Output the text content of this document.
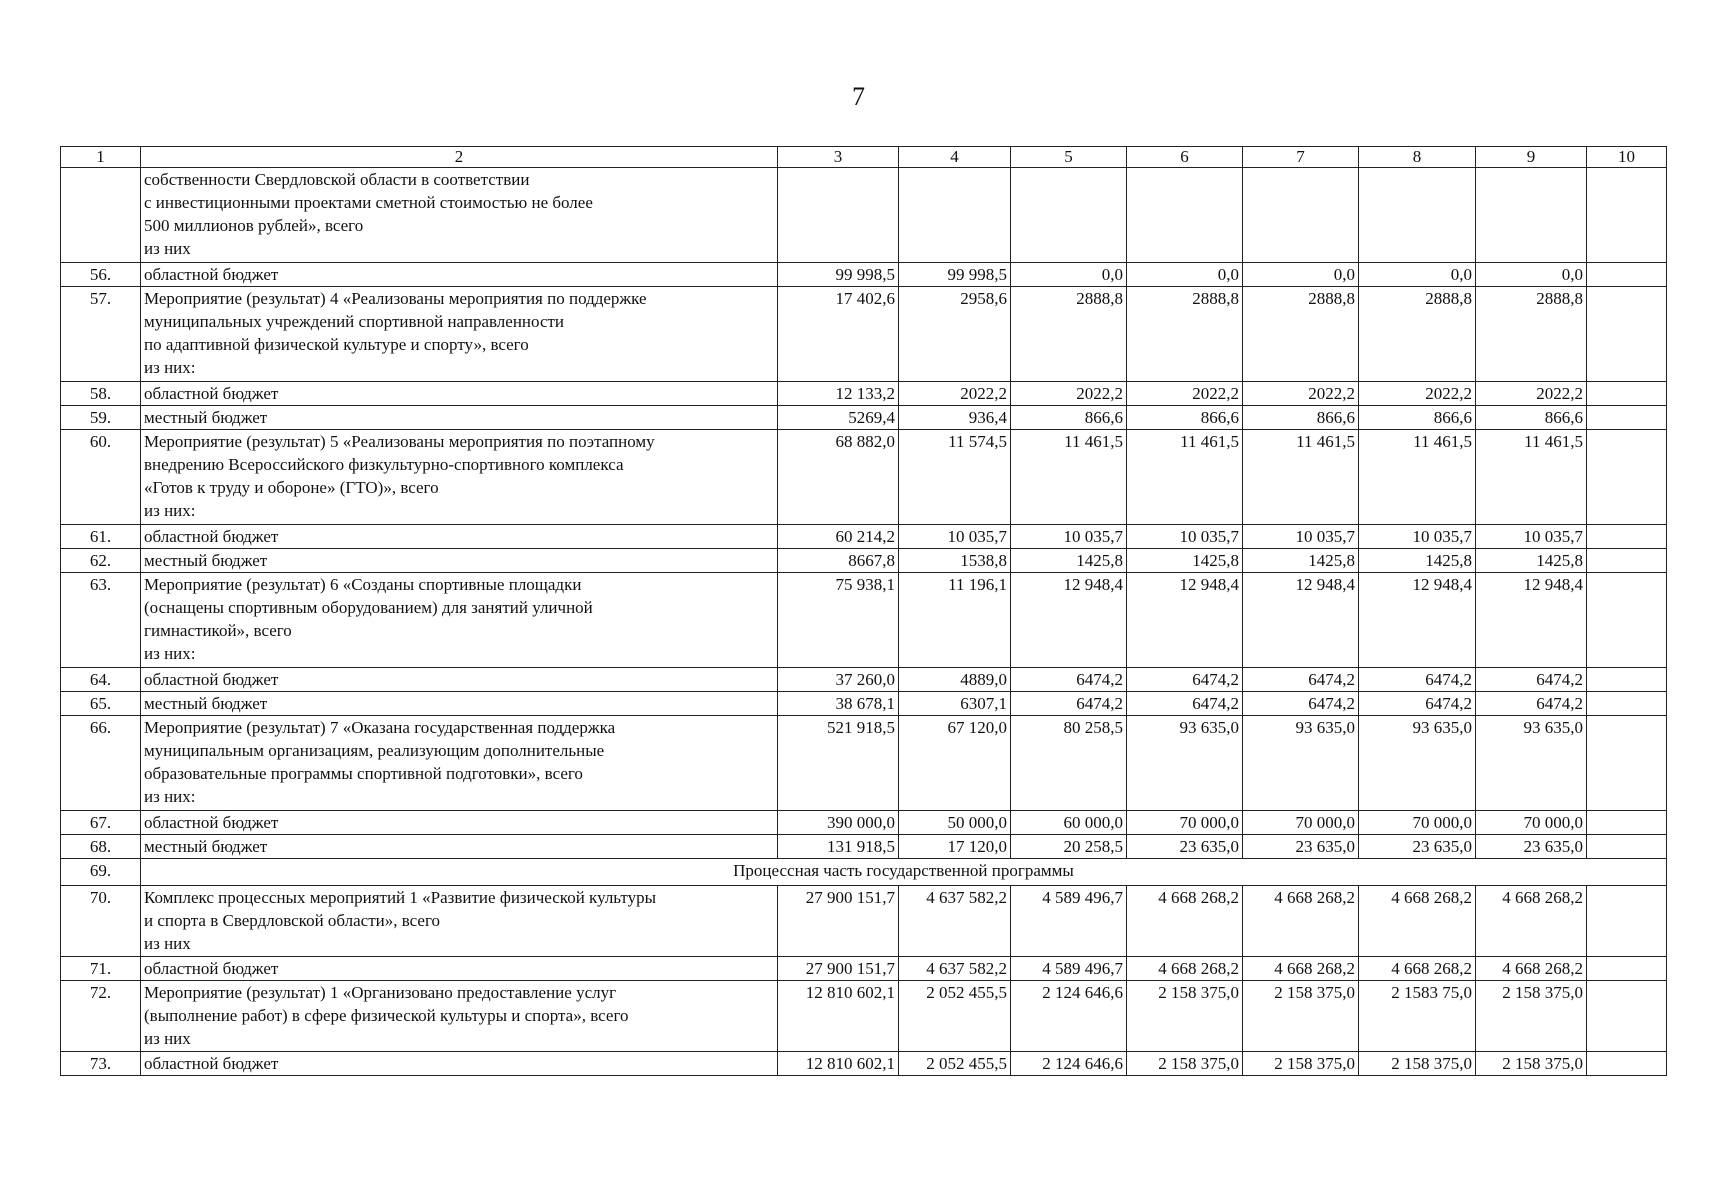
7
1	2	3	4	5	6	7	8	9	10

	собственности Свердловской области в соответствии
с инвестиционными проектами сметной стоимостью не более
500 миллионов рублей», всего
из них								

56.	областной бюджет	99 998,5	99 998,5	0,0	0,0	0,0	0,0	0,0	
57.	Мероприятие (результат) 4 «Реализованы мероприятия по поддержке
муниципальных учреждений спортивной направленности
по адаптивной физической культуре и спорту», всего
из них:	17 402,6	2958,6	2888,8	2888,8	2888,8	2888,8	2888,8	
58.	областной бюджет	12 133,2	2022,2	2022,2	2022,2	2022,2	2022,2	2022,2	
59.	местный бюджет	5269,4	936,4	866,6	866,6	866,6	866,6	866,6	
60.	Мероприятие (результат) 5 «Реализованы мероприятия по поэтапному
внедрению Всероссийского физкультурно-спортивного комплекса
«Готов к труду и обороне» (ГТО)», всего
из них:	68 882,0	11 574,5	11 461,5	11 461,5	11 461,5	11 461,5	11 461,5	
61.	областной бюджет	60 214,2	10 035,7	10 035,7	10 035,7	10 035,7	10 035,7	10 035,7	
62.	местный бюджет	8667,8	1538,8	1425,8	1425,8	1425,8	1425,8	1425,8	
63.	Мероприятие (результат) 6 «Созданы спортивные площадки
(оснащены спортивным оборудованием) для занятий уличной
гимнастикой», всего
из них:	75 938,1	11 196,1	12 948,4	12 948,4	12 948,4	12 948,4	12 948,4	
64.	областной бюджет	37 260,0	4889,0	6474,2	6474,2	6474,2	6474,2	6474,2	
65.	местный бюджет	38 678,1	6307,1	6474,2	6474,2	6474,2	6474,2	6474,2	
66.	Мероприятие (результат) 7 «Оказана государственная поддержка
муниципальным организациям, реализующим дополнительные
образовательные программы спортивной подготовки», всего
из них:	521 918,5	67 120,0	80 258,5	93 635,0	93 635,0	93 635,0	93 635,0	
67.	областной бюджет	390 000,0	50 000,0	60 000,0	70 000,0	70 000,0	70 000,0	70 000,0	
68.	местный бюджет	131 918,5	17 120,0	20 258,5	23 635,0	23 635,0	23 635,0	23 635,0	
69.	Процессная часть государственной программы								
70.	Комплекс процессных мероприятий 1 «Развитие физической культуры
и спорта в Свердловской области», всего
из них	27 900 151,7	4 637 582,2	4 589 496,7	4 668 268,2	4 668 268,2	4 668 268,2	4 668 268,2	
71.	областной бюджет	27 900 151,7	4 637 582,2	4 589 496,7	4 668 268,2	4 668 268,2	4 668 268,2	4 668 268,2	
72.	Мероприятие (результат) 1 «Организовано предоставление услуг
(выполнение работ) в сфере физической культуры и спорта», всего
из них	12 810 602,1	2 052 455,5	2 124 646,6	2 158 375,0	2 158 375,0	2 1583 75,0	2 158 375,0	
73.	областной бюджет	12 810 602,1	2 052 455,5	2 124 646,6	2 158 375,0	2 158 375,0	2 158 375,0	2 158 375,0	
